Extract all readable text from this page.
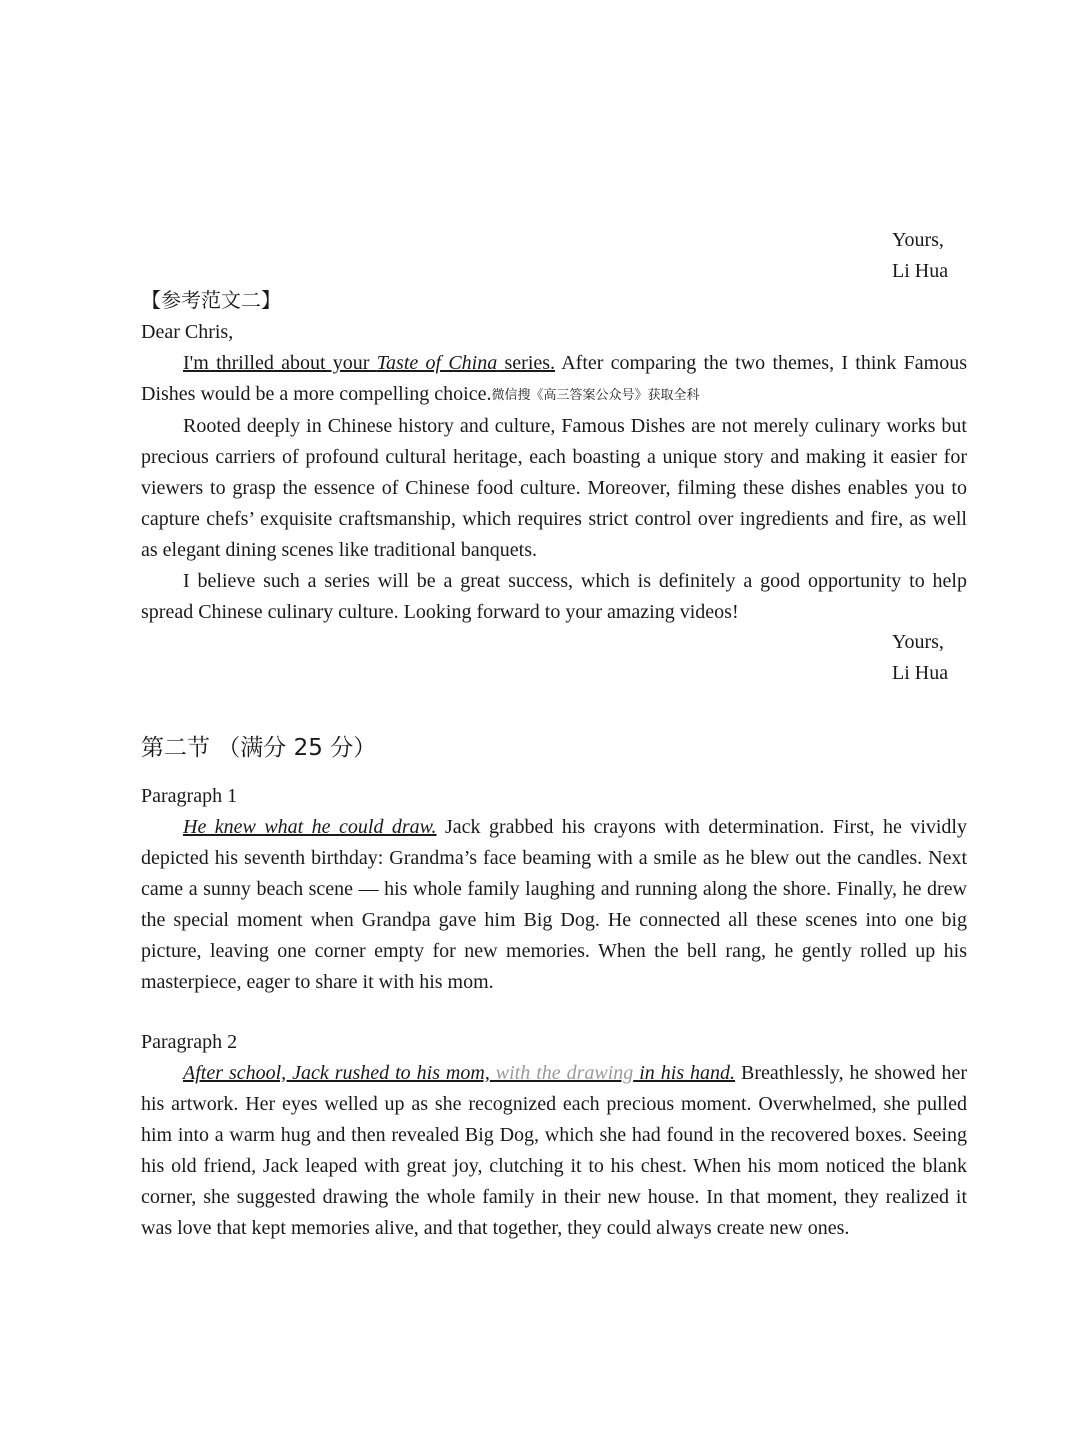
Yours,
Li Hua
【参考范文二】
Dear Chris,

I'm thrilled about your Taste of China series. After comparing the two themes, I think Famous Dishes would be a more compelling choice.微信搜《高三答案公众号》获取全科

Rooted deeply in Chinese history and culture, Famous Dishes are not merely culinary works but precious carriers of profound cultural heritage, each boasting a unique story and making it easier for viewers to grasp the essence of Chinese food culture. Moreover, filming these dishes enables you to capture chefs’ exquisite craftsmanship, which requires strict control over ingredients and fire, as well as elegant dining scenes like traditional banquets.

I believe such a series will be a great success, which is definitely a good opportunity to help spread Chinese culinary culture. Looking forward to your amazing videos!

Yours,
Li Hua
第二节 （满分 25 分）
Paragraph 1

He knew what he could draw. Jack grabbed his crayons with determination. First, he vividly depicted his seventh birthday: Grandma’s face beaming with a smile as he blew out the candles. Next came a sunny beach scene — his whole family laughing and running along the shore. Finally, he drew the special moment when Grandpa gave him Big Dog. He connected all these scenes into one big picture, leaving one corner empty for new memories. When the bell rang, he gently rolled up his masterpiece, eager to share it with his mom.

Paragraph 2

After school, Jack rushed to his mom, with the drawing in his hand. Breathlessly, he showed her his artwork. Her eyes welled up as she recognized each precious moment. Overwhelmed, she pulled him into a warm hug and then revealed Big Dog, which she had found in the recovered boxes. Seeing his old friend, Jack leaped with great joy, clutching it to his chest. When his mom noticed the blank corner, she suggested drawing the whole family in their new house. In that moment, they realized it was love that kept memories alive, and that together, they could always create new ones.
